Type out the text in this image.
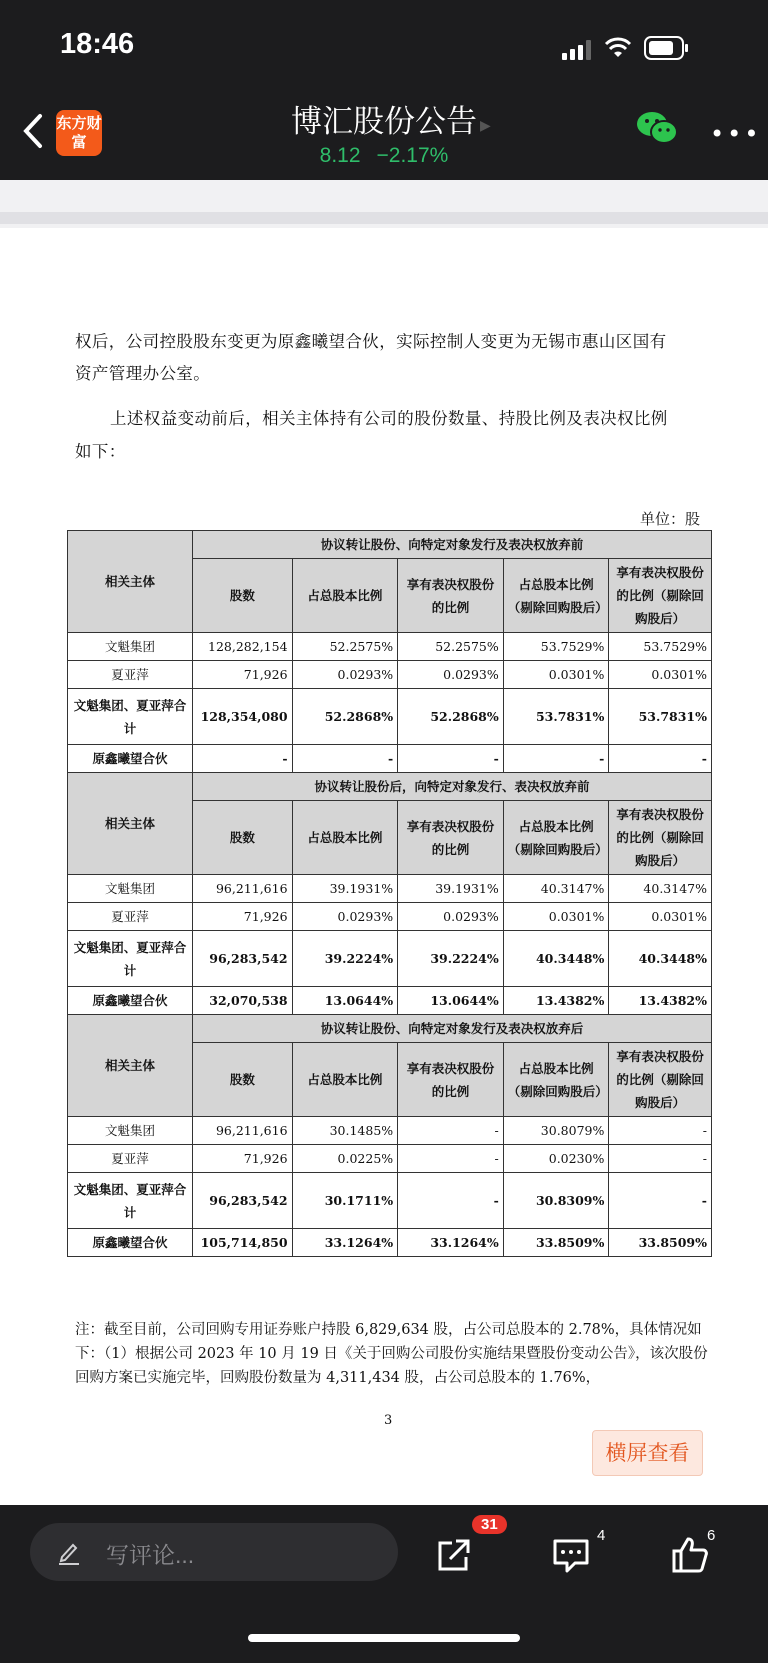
18:46
东方财富
博汇股份公告
8.12 −2.17%
▶	•••
权后，公司控股股东变更为原鑫曦望合伙，实际控制人变更为无锡市惠山区国有
资产管理办公室。
上述权益变动前后，相关主体持有公司的股份数量、持股比例及表决权比例
如下：
单位：股
相关主体	协议转让股份、向特定对象发行及表决权放弃前				
	股数	占总股本比例	享有表决权股份的比例	占总股本比例（剔除回购股后）	享有表决权股份的比例（剔除回购股后）
文魁集团	128,282,154	52.2575%	52.2575%	53.7529%	53.7529%
夏亚萍	71,926	0.0293%	0.0293%	0.0301%	0.0301%
文魁集团、夏亚萍合计	128,354,080	52.2868%	52.2868%	53.7831%	53.7831%
原鑫曦望合伙	-	-	-	-	-
相关主体	协议转让股份后，向特定对象发行、表决权放弃前				
	股数	占总股本比例	享有表决权股份的比例	占总股本比例（剔除回购股后）	享有表决权股份的比例（剔除回购股后）
文魁集团	96,211,616	39.1931%	39.1931%	40.3147%	40.3147%
夏亚萍	71,926	0.0293%	0.0293%	0.0301%	0.0301%
文魁集团、夏亚萍合计	96,283,542	39.2224%	39.2224%	40.3448%	40.3448%
原鑫曦望合伙	32,070,538	13.0644%	13.0644%	13.4382%	13.4382%
相关主体	协议转让股份、向特定对象发行及表决权放弃后				
	股数	占总股本比例	享有表决权股份的比例	占总股本比例（剔除回购股后）	享有表决权股份的比例（剔除回购股后）
文魁集团	96,211,616	30.1485%	-	30.8079%	-
夏亚萍	71,926	0.0225%	-	0.0230%	-
文魁集团、夏亚萍合计	96,283,542	30.1711%	-	30.8309%	-
原鑫曦望合伙	105,714,850	33.1264%	33.1264%	33.8509%	33.8509%
注：截至目前，公司回购专用证券账户持股 6,829,634 股，占公司总股本的 2.78%，具体情况如下：（1）根据公司 2023 年 10 月 19 日《关于回购公司股份实施结果暨股份变动公告》，该次股份回购方案已实施完毕，回购股份数量为 4,311,434 股，占公司总股本的 1.76%，
3
横屏查看
写评论...
31
4	6
